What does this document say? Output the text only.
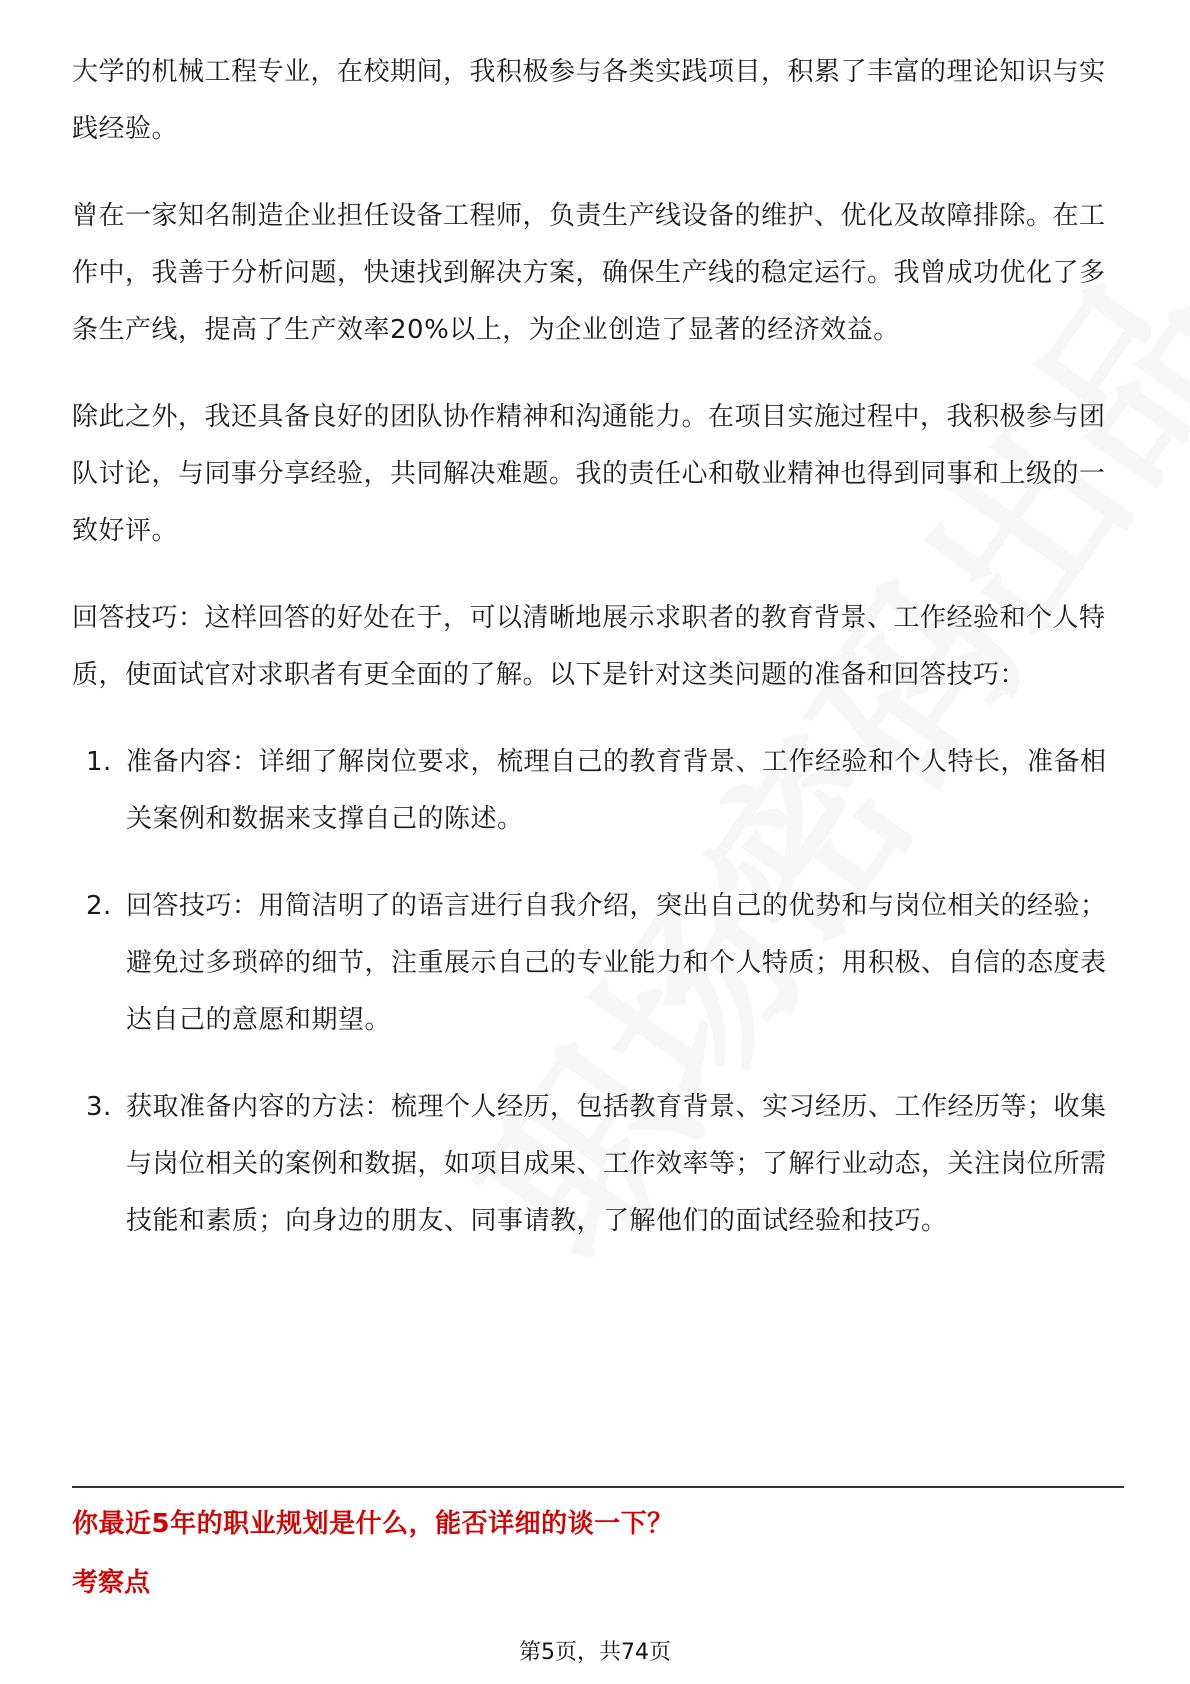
大学的机械工程专业，在校期间，我积极参与各类实践项目，积累了丰富的理论知识与实践经验。

曾在一家知名制造企业担任设备工程师，负责生产线设备的维护、优化及故障排除。在工作中，我善于分析问题，快速找到解决方案，确保生产线的稳定运行。我曾成功优化了多条生产线，提高了生产效率20%以上，为企业创造了显著的经济效益。

除此之外，我还具备良好的团队协作精神和沟通能力。在项目实施过程中，我积极参与团队讨论，与同事分享经验，共同解决难题。我的责任心和敬业精神也得到同事和上级的一致好评。

回答技巧：这样回答的好处在于，可以清晰地展示求职者的教育背景、工作经验和个人特质，使面试官对求职者有更全面的了解。以下是针对这类问题的准备和回答技巧：

1. 准备内容：详细了解岗位要求，梳理自己的教育背景、工作经验和个人特长，准备相关案例和数据来支撑自己的陈述。
2. 回答技巧：用简洁明了的语言进行自我介绍，突出自己的优势和与岗位相关的经验；避免过多琐碎的细节，注重展示自己的专业能力和个人特质；用积极、自信的态度表达自己的意愿和期望。
3. 获取准备内容的方法：梳理个人经历，包括教育背景、实习经历、工作经历等；收集与岗位相关的案例和数据，如项目成果、工作效率等；了解行业动态，关注岗位所需技能和素质；向身边的朋友、同事请教，了解他们的面试经验和技巧。
你最近5年的职业规划是什么，能否详细的谈一下？
考察点
第5页，共74页
